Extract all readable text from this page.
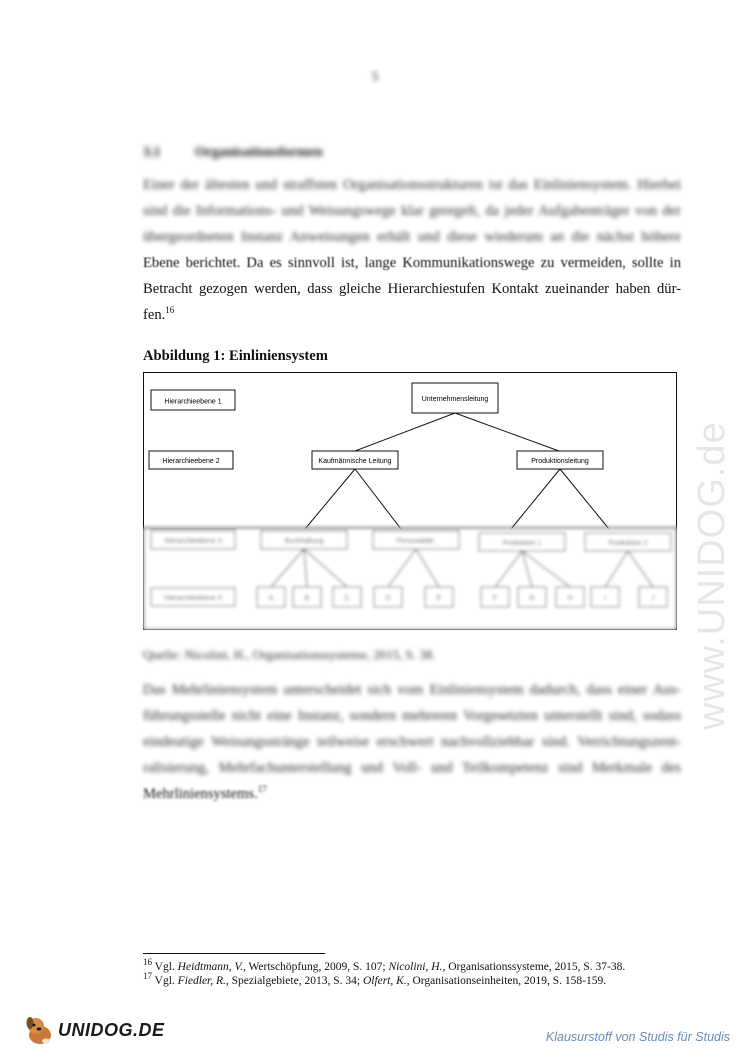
5
3.1 Organisationsformen
Einer der ältesten und straffsten Organisationsstrukturen ist das Einliniensystem. Hierbei
sind die Informations- und Weisungswege klar geregelt, da jeder Aufgabenträger von der
übergeordneten Instanz Anweisungen erhält und diese wiederum an die nächst höhere
Ebene berichtet. Da es sinnvoll ist, lange Kommunikationswege zu vermeiden, sollte in
Betracht gezogen werden, dass gleiche Hierarchiestufen Kontakt zueinander haben dür-
fen.$^{16}$
Abbildung 1: Einliniensystem
Hierarchieebene 1	Unternehmensleitung
Hierarchieebene 2	Kaufmännische Leitung	Produktionsleitung
Hierarchieebene 3	Buchhaltung	Personalabt.	Produktion 1	Produktion 2
Hierarchieebene 4	A	B	C	D	E	F	G	H	I	J
Quelle: Nicolini, H., Organisationssysteme, 2015, S. 38.
Das Mehrliniensystem unterscheidet sich vom Einliniensystem dadurch, dass einer Aus-
führungsstelle nicht eine Instanz, sondern mehreren Vorgesetzten unterstellt sind, sodass
eindeutige Weisungsstränge teilweise erschwert nachvollziehbar sind. Verrichtungszent-
ralisierung, Mehrfachunterstellung und Voll- und Teilkompetenz sind Merkmale des
Mehrliniensystems.$^{17}$
$^{16}$ Vgl. Heidtmann, V., Wertschöpfung, 2009, S. 107; Nicolini, H., Organisationssysteme, 2015, S. 37-38.
$^{17}$ Vgl. Fiedler, R., Spezialgebiete, 2013, S. 34; Olfert, K., Organisationseinheiten, 2019, S. 158-159.
www.UNIDOG.de
UNIDOG.DE	Klausurstoff von Studis für Studis
